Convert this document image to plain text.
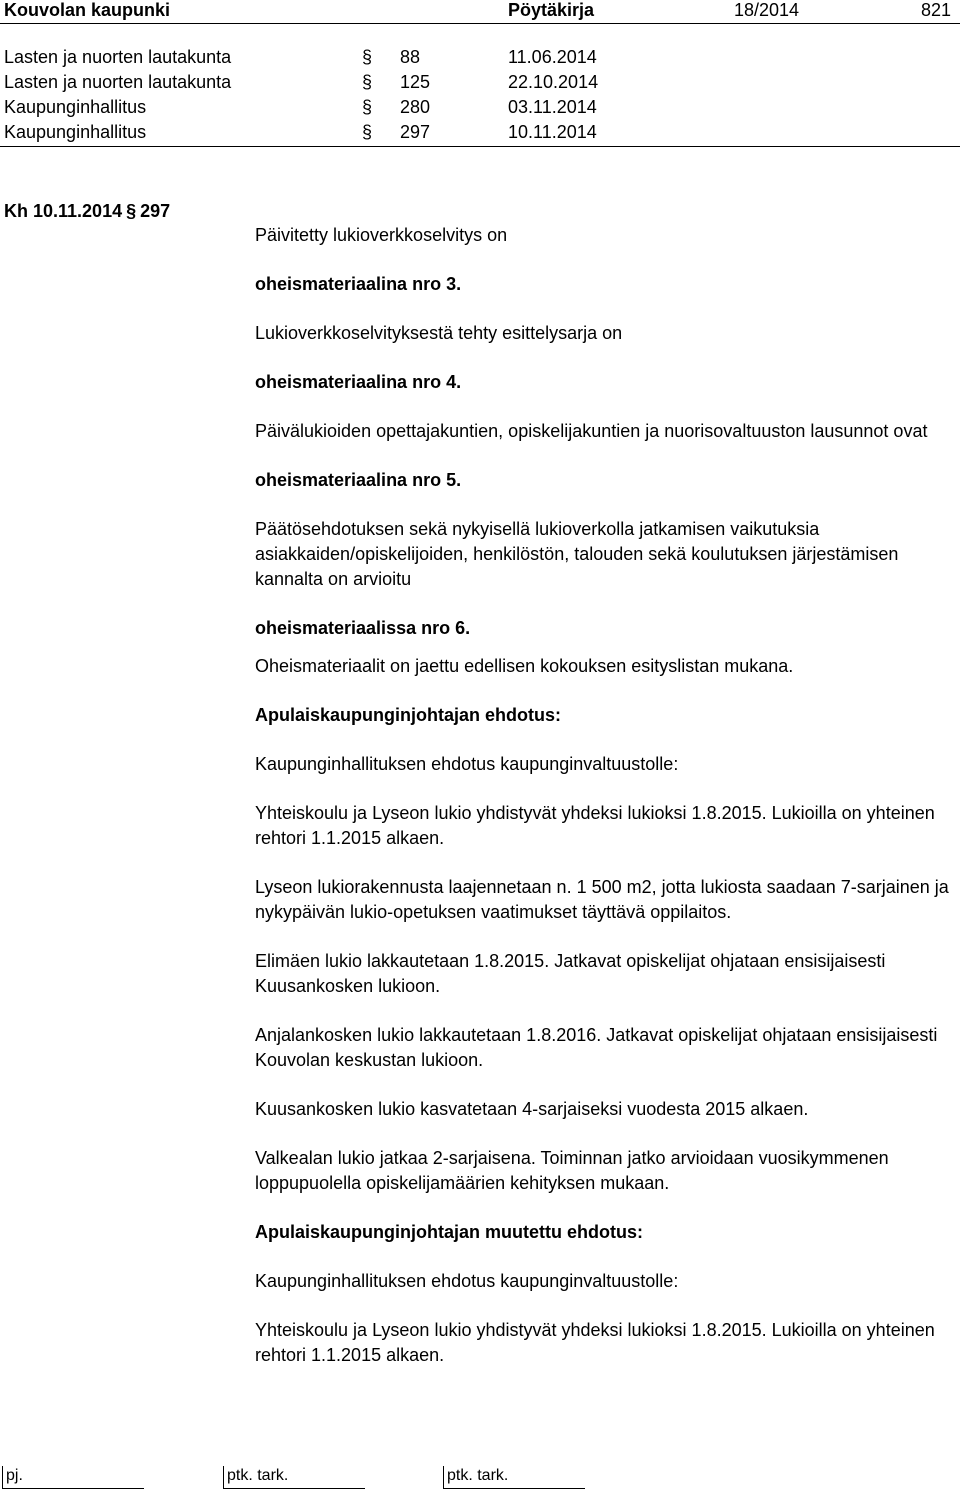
Kouvolan kaupunki	Pöytäkirja	18/2014	821
Lasten ja nuorten lautakunta	§ 88	11.06.2014
Lasten ja nuorten lautakunta	§ 125	22.10.2014
Kaupunginhallitus	§ 280	03.11.2014
Kaupunginhallitus	§ 297	10.11.2014
Kh 10.11.2014 § 297

Päivitetty lukioverkkoselvitys on

oheismateriaalina nro 3.

Lukioverkkoselvityksestä tehty esittelysarja on

oheismateriaalina nro 4.

Päivälukioiden opettajakuntien, opiskelijakuntien ja nuorisovaltuuston lausunnot ovat

oheismateriaalina nro 5.

Päätösehdotuksen sekä nykyisellä lukioverkolla jatkamisen vaikutuksia asiakkaiden/opiskelijoiden, henkilöstön, talouden sekä koulutuksen järjestämisen kannalta on arvioitu

oheismateriaalissa nro 6.

Oheismateriaalit on jaettu edellisen kokouksen esityslistan mukana.

Apulaiskaupunginjohtajan ehdotus:

Kaupunginhallituksen ehdotus kaupunginvaltuustolle:

Yhteiskoulu ja Lyseon lukio yhdistyvät yhdeksi lukioksi 1.8.2015. Lukioilla on yhteinen rehtori 1.1.2015 alkaen.

Lyseon lukiorakennusta laajennetaan n. 1 500 m2, jotta lukiosta saadaan 7-sarjainen ja nykypäivän lukio-opetuksen vaatimukset täyttävä oppilaitos.

Elimäen lukio lakkautetaan 1.8.2015. Jatkavat opiskelijat ohjataan ensisijaisesti Kuusankosken lukioon.

Anjalankosken lukio lakkautetaan 1.8.2016. Jatkavat opiskelijat ohjataan ensisijaisesti Kouvolan keskustan lukioon.

Kuusankosken lukio kasvatetaan 4-sarjaiseksi vuodesta 2015 alkaen.

Valkealan lukio jatkaa 2-sarjaisena. Toiminnan jatko arvioidaan vuosikymmenen loppupuolella opiskelijamäärien kehityksen mukaan.

Apulaiskaupunginjohtajan muutettu ehdotus:

Kaupunginhallituksen ehdotus kaupunginvaltuustolle:

Yhteiskoulu ja Lyseon lukio yhdistyvät yhdeksi lukioksi 1.8.2015. Lukioilla on yhteinen rehtori 1.1.2015 alkaen.

pj.	ptk. tark.	ptk. tark.
